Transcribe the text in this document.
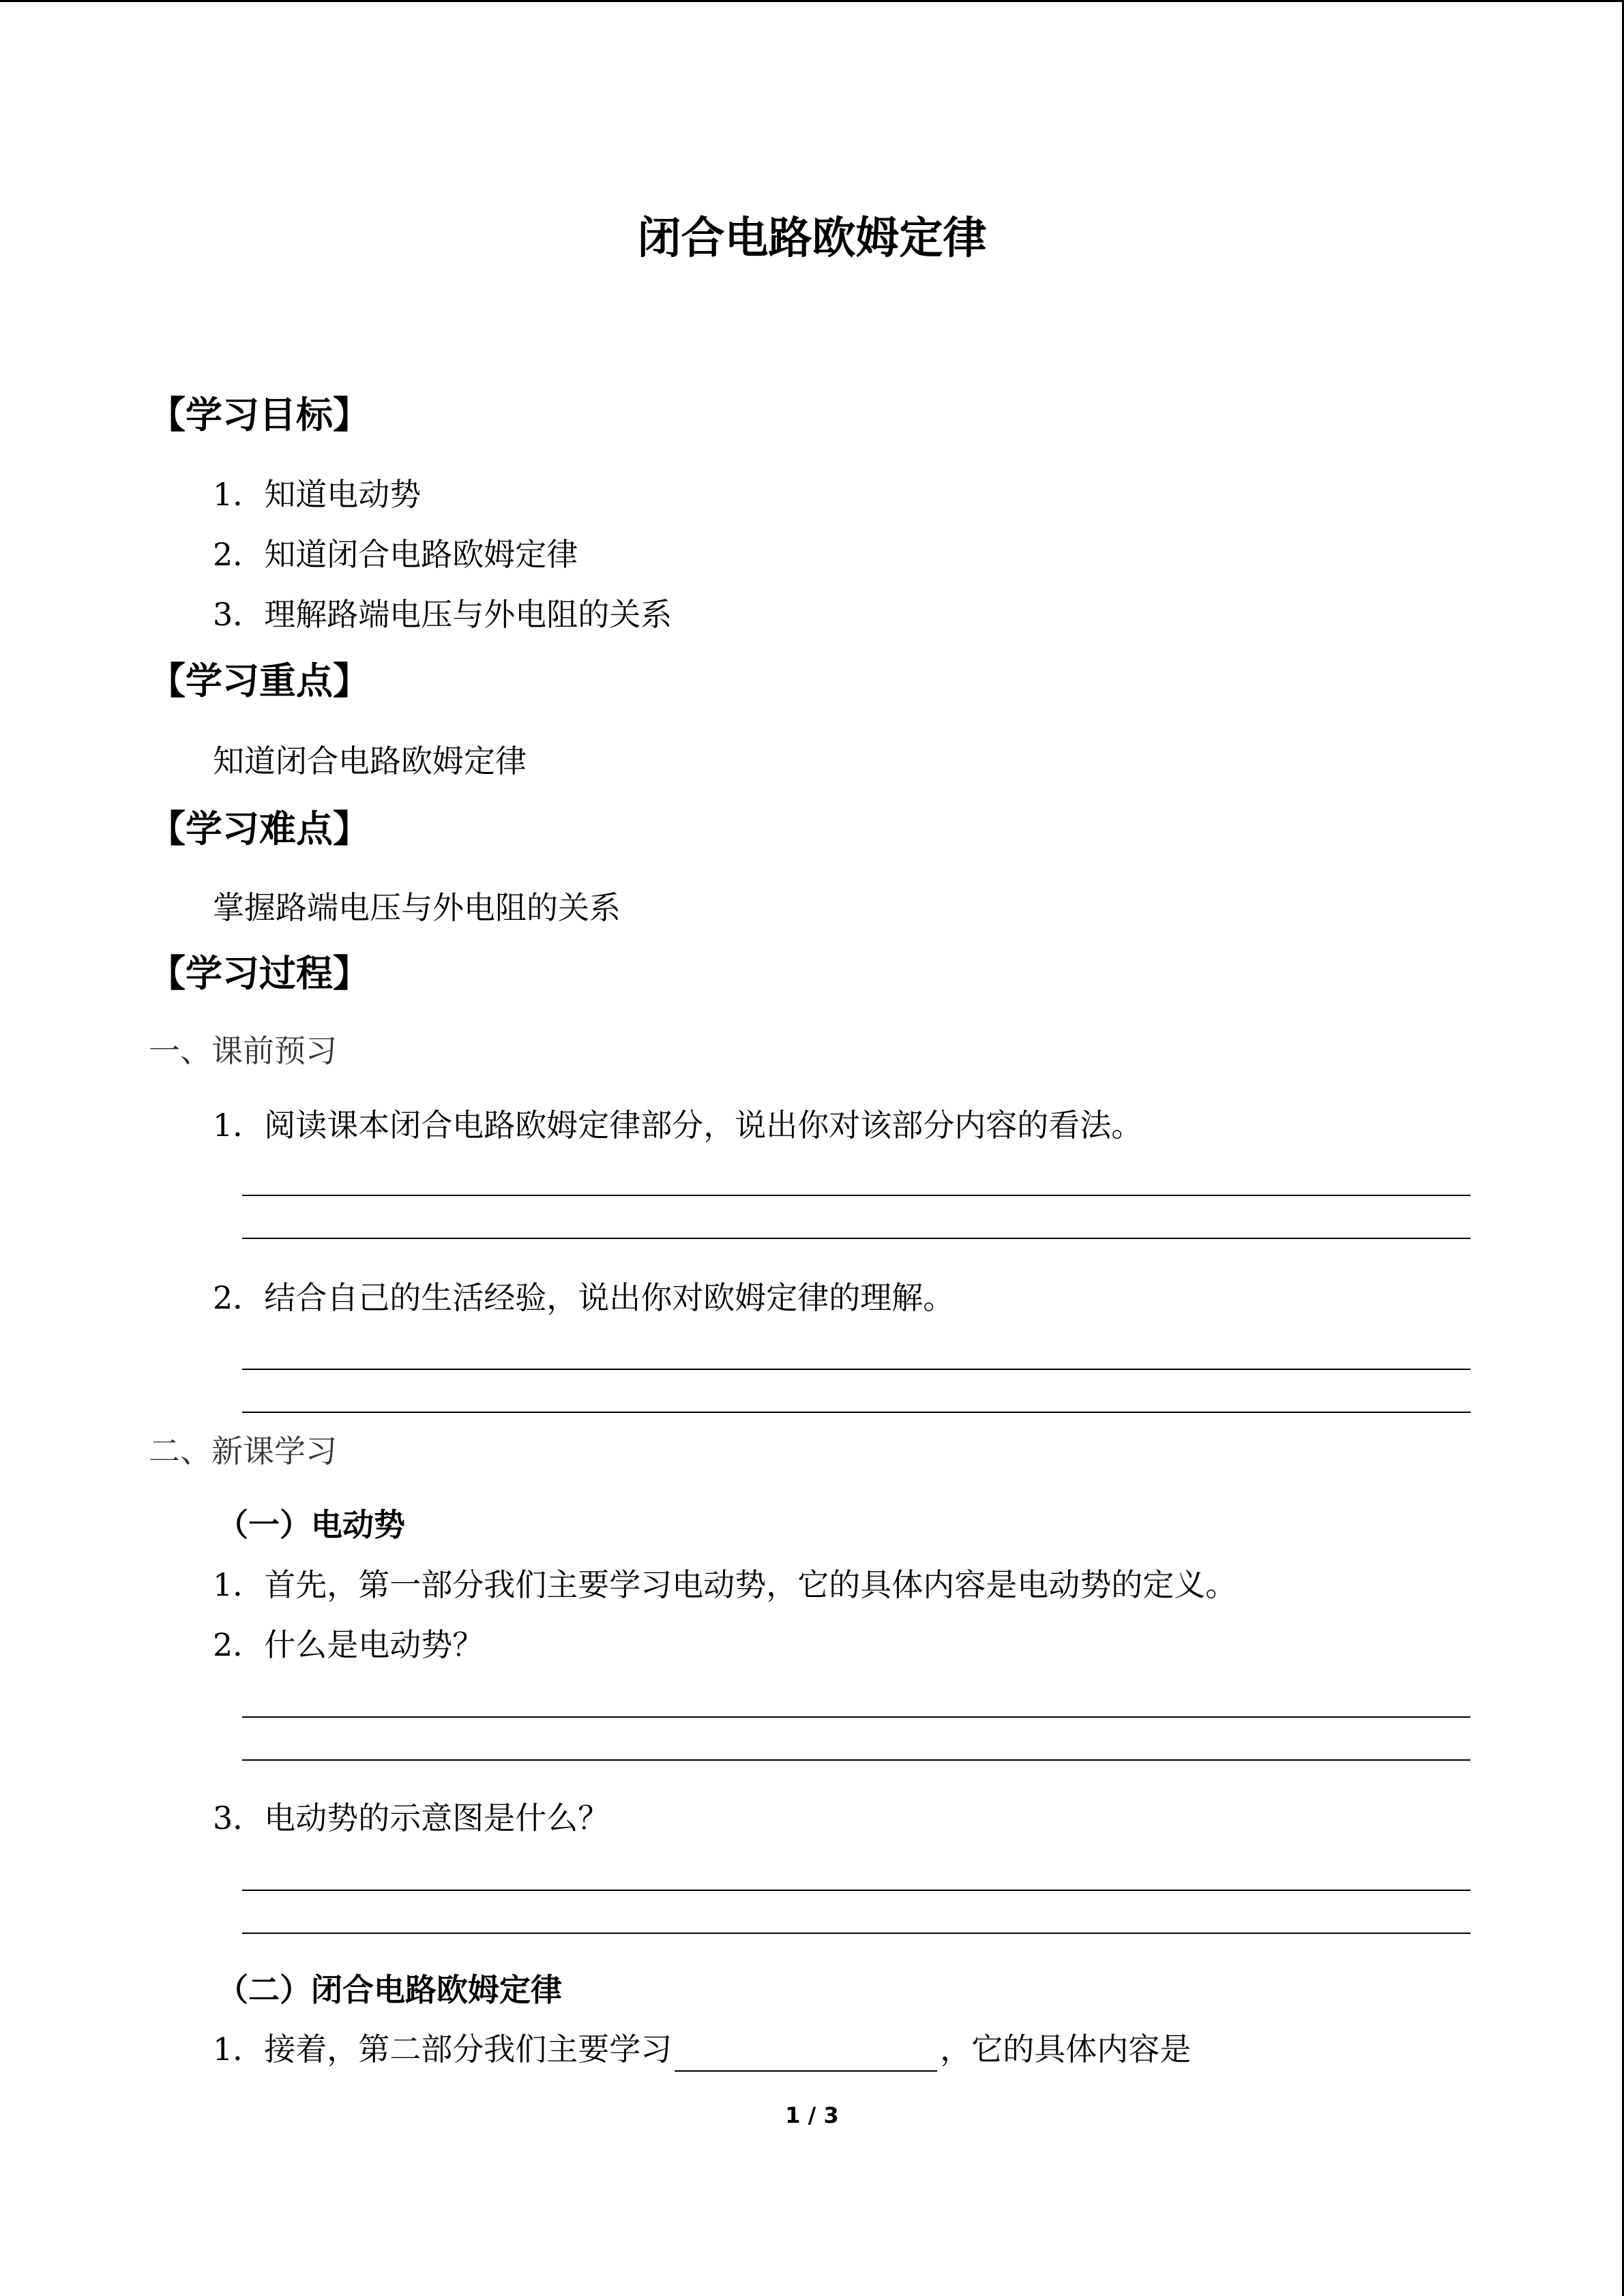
闭合电路欧姆定律
【学习目标】
1．知道电动势
2．知道闭合电路欧姆定律
3．理解路端电压与外电阻的关系
【学习重点】
知道闭合电路欧姆定律
【学习难点】
掌握路端电压与外电阻的关系
【学习过程】
一、课前预习
1．阅读课本闭合电路欧姆定律部分，说出你对该部分内容的看法。
2．结合自己的生活经验，说出你对欧姆定律的理解。
二、新课学习
（一）电动势
1．首先，第一部分我们主要学习电动势，它的具体内容是电动势的定义。
2．什么是电动势？
3．电动势的示意图是什么？
（二）闭合电路欧姆定律
1．接着，第二部分我们主要学习	，它的具体内容是
1 / 3
